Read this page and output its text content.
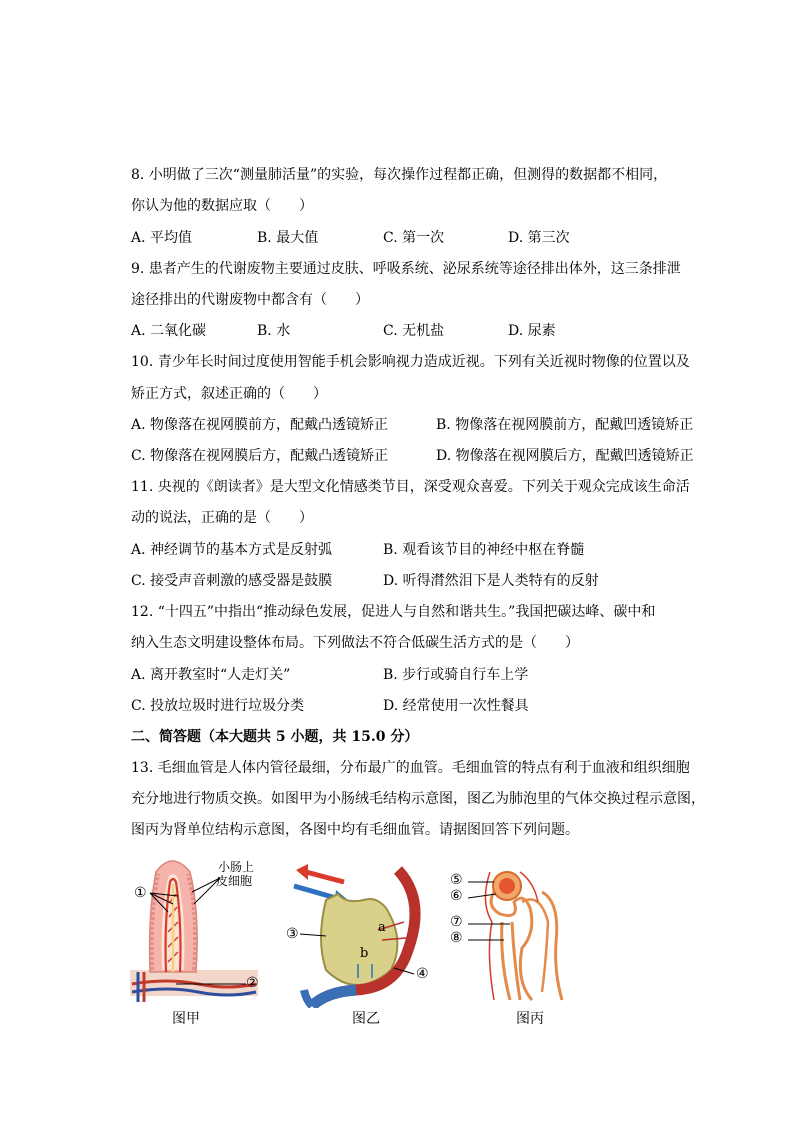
8. 小明做了三次“测量肺活量”的实验，每次操作过程都正确，但测得的数据都不相同，
你认为他的数据应取（　　）
A. 平均值	B. 最大值	C. 第一次	D. 第三次
9. 患者产生的代谢废物主要通过皮肤、呼吸系统、泌尿系统等途径排出体外，这三条排泄
途径排出的代谢废物中都含有（　　）
A. 二氧化碳	B. 水	C. 无机盐	D. 尿素
10. 青少年长时间过度使用智能手机会影响视力造成近视。下列有关近视时物像的位置以及
矫正方式，叙述正确的（　　）
A. 物像落在视网膜前方，配戴凸透镜矫正	B. 物像落在视网膜前方，配戴凹透镜矫正
C. 物像落在视网膜后方，配戴凸透镜矫正	D. 物像落在视网膜后方，配戴凹透镜矫正
11. 央视的《朗读者》是大型文化情感类节目，深受观众喜爱。下列关于观众完成该生命活
动的说法，正确的是（　　）
A. 神经调节的基本方式是反射弧	B. 观看该节目的神经中枢在脊髓
C. 接受声音刺激的感受器是鼓膜	D. 听得潸然泪下是人类特有的反射
12. “十四五”中指出“推动绿色发展，促进人与自然和谐共生。”我国把碳达峰、碳中和
纳入生态文明建设整体布局。下列做法不符合低碳生活方式的是（　　）
A. 离开教室时“人走灯关”	B. 步行或骑自行车上学
C. 投放垃圾时进行垃圾分类	D. 经常使用一次性餐具
二、简答题（本大题共 5 小题，共 15.0 分）
13. 毛细血管是人体内管径最细，分布最广的血管。毛细血管的特点有利于血液和组织细胞
充分地进行物质交换。如图甲为小肠绒毛结构示意图，图乙为肺泡里的气体交换过程示意图，
图丙为肾单位结构示意图，各图中均有毛细血管。请据图回答下列问题。
①
②
小肠上
皮细胞
图甲
③
④
a
b
图乙
⑤
⑥
⑦
⑧
图丙
